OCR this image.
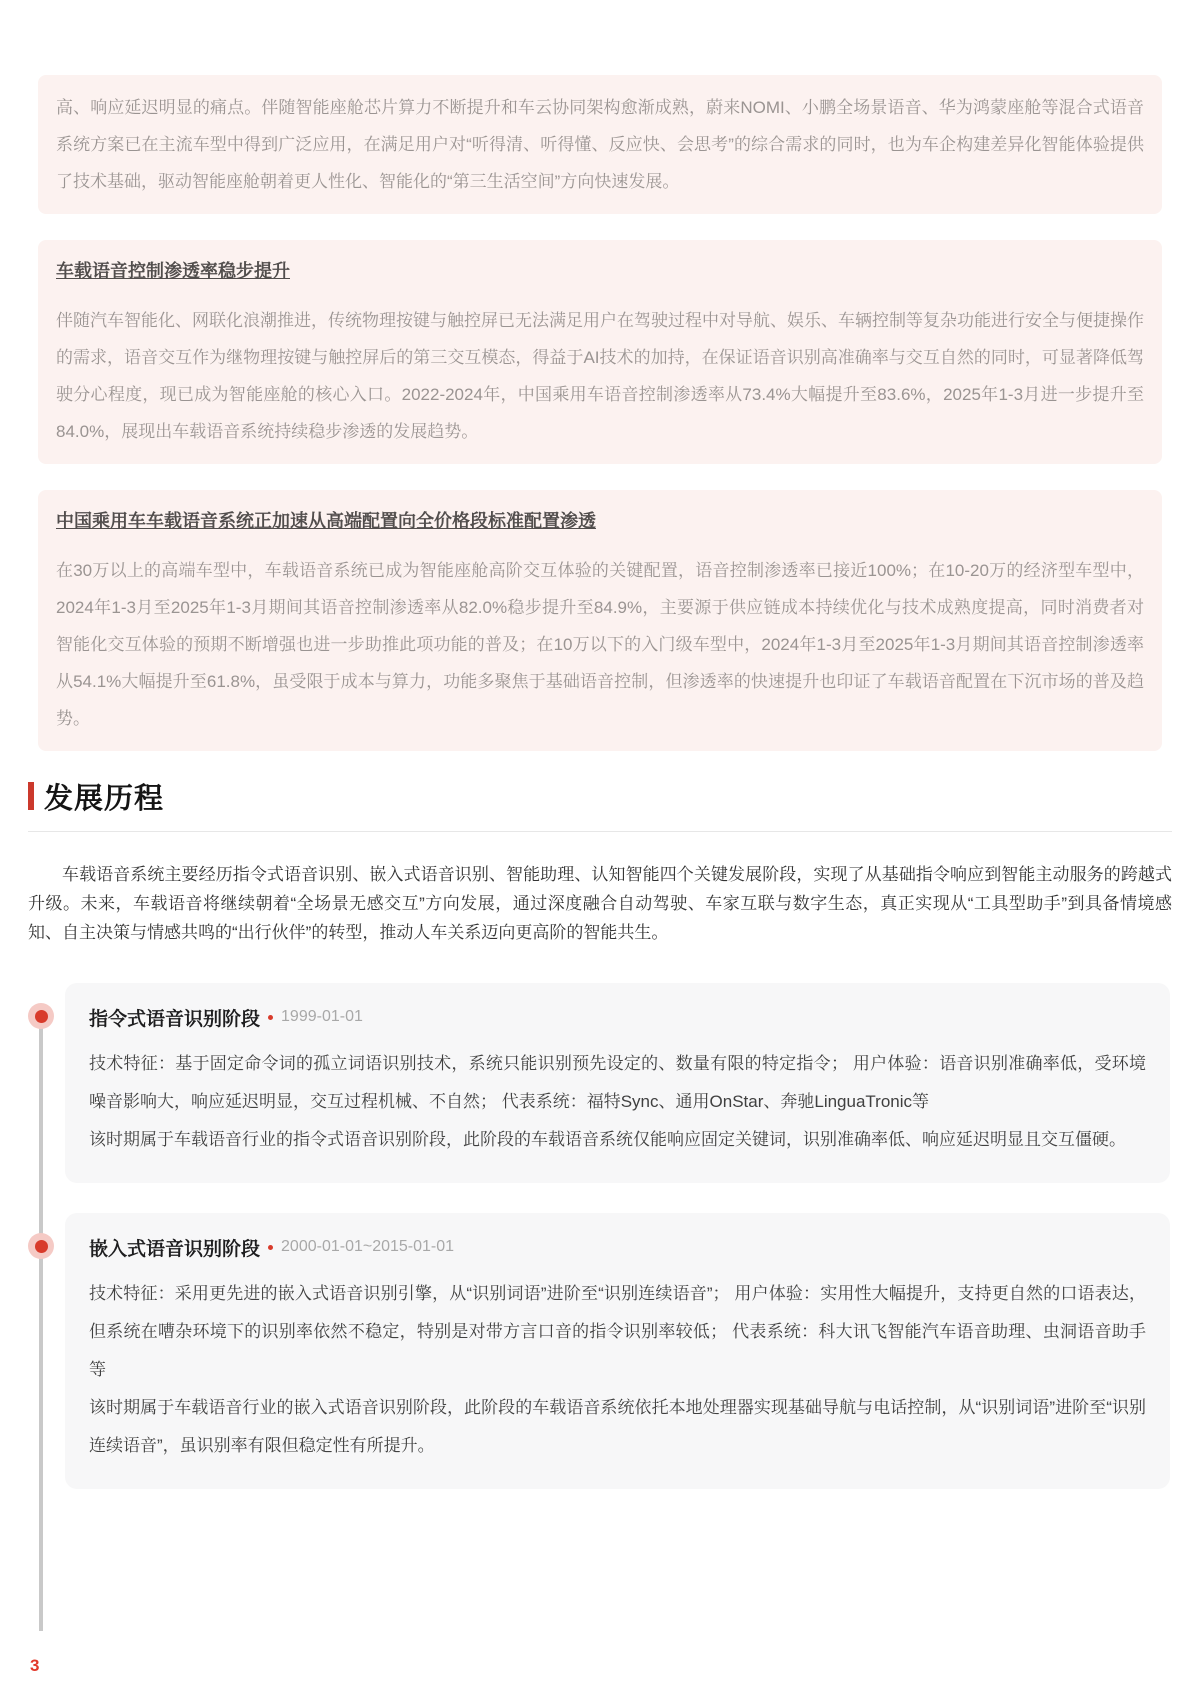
高、响应延迟明显的痛点。伴随智能座舱芯片算力不断提升和车云协同架构愈渐成熟，蔚来NOMI、小鹏全场景语音、华为鸿蒙座舱等混合式语音系统方案已在主流车型中得到广泛应用，在满足用户对“听得清、听得懂、反应快、会思考”的综合需求的同时，也为车企构建差异化智能体验提供了技术基础，驱动智能座舱朝着更人性化、智能化的“第三生活空间”方向快速发展。

车载语音控制渗透率稳步提升

伴随汽车智能化、网联化浪潮推进，传统物理按键与触控屏已无法满足用户在驾驶过程中对导航、娱乐、车辆控制等复杂功能进行安全与便捷操作的需求，语音交互作为继物理按键与触控屏后的第三交互模态，得益于AI技术的加持，在保证语音识别高准确率与交互自然的同时，可显著降低驾驶分心程度，现已成为智能座舱的核心入口。2022-2024年，中国乘用车语音控制渗透率从73.4%大幅提升至83.6%，2025年1-3月进一步提升至84.0%，展现出车载语音系统持续稳步渗透的发展趋势。

中国乘用车车载语音系统正加速从高端配置向全价格段标准配置渗透

在30万以上的高端车型中，车载语音系统已成为智能座舱高阶交互体验的关键配置，语音控制渗透率已接近100%；在10-20万的经济型车型中，2024年1-3月至2025年1-3月期间其语音控制渗透率从82.0%稳步提升至84.9%，主要源于供应链成本持续优化与技术成熟度提高，同时消费者对智能化交互体验的预期不断增强也进一步助推此项功能的普及；在10万以下的入门级车型中，2024年1-3月至2025年1-3月期间其语音控制渗透率从54.1%大幅提升至61.8%，虽受限于成本与算力，功能多聚焦于基础语音控制，但渗透率的快速提升也印证了车载语音配置在下沉市场的普及趋势。

发展历程

车载语音系统主要经历指令式语音识别、嵌入式语音识别、智能助理、认知智能四个关键发展阶段，实现了从基础指令响应到智能主动服务的跨越式升级。未来，车载语音将继续朝着“全场景无感交互”方向发展，通过深度融合自动驾驶、车家互联与数字生态，真正实现从“工具型助手”到具备情境感知、自主决策与情感共鸣的“出行伙伴”的转型，推动人车关系迈向更高阶的智能共生。

指令式语音识别阶段 1999-01-01

技术特征：基于固定命令词的孤立词语识别技术，系统只能识别预先设定的、数量有限的特定指令； 用户体验：语音识别准确率低，受环境噪音影响大，响应延迟明显，交互过程机械、不自然； 代表系统：福特Sync、通用OnStar、奔驰LinguaTronic等

该时期属于车载语音行业的指令式语音识别阶段，此阶段的车载语音系统仅能响应固定关键词，识别准确率低、响应延迟明显且交互僵硬。

嵌入式语音识别阶段 2000-01-01~2015-01-01

技术特征：采用更先进的嵌入式语音识别引擎，从“识别词语”进阶至“识别连续语音”； 用户体验：实用性大幅提升，支持更自然的口语表达，但系统在嘈杂环境下的识别率依然不稳定，特别是对带方言口音的指令识别率较低； 代表系统：科大讯飞智能汽车语音助理、虫洞语音助手等

该时期属于车载语音行业的嵌入式语音识别阶段，此阶段的车载语音系统依托本地处理器实现基础导航与电话控制，从“识别词语”进阶至“识别连续语音”，虽识别率有限但稳定性有所提升。

3
